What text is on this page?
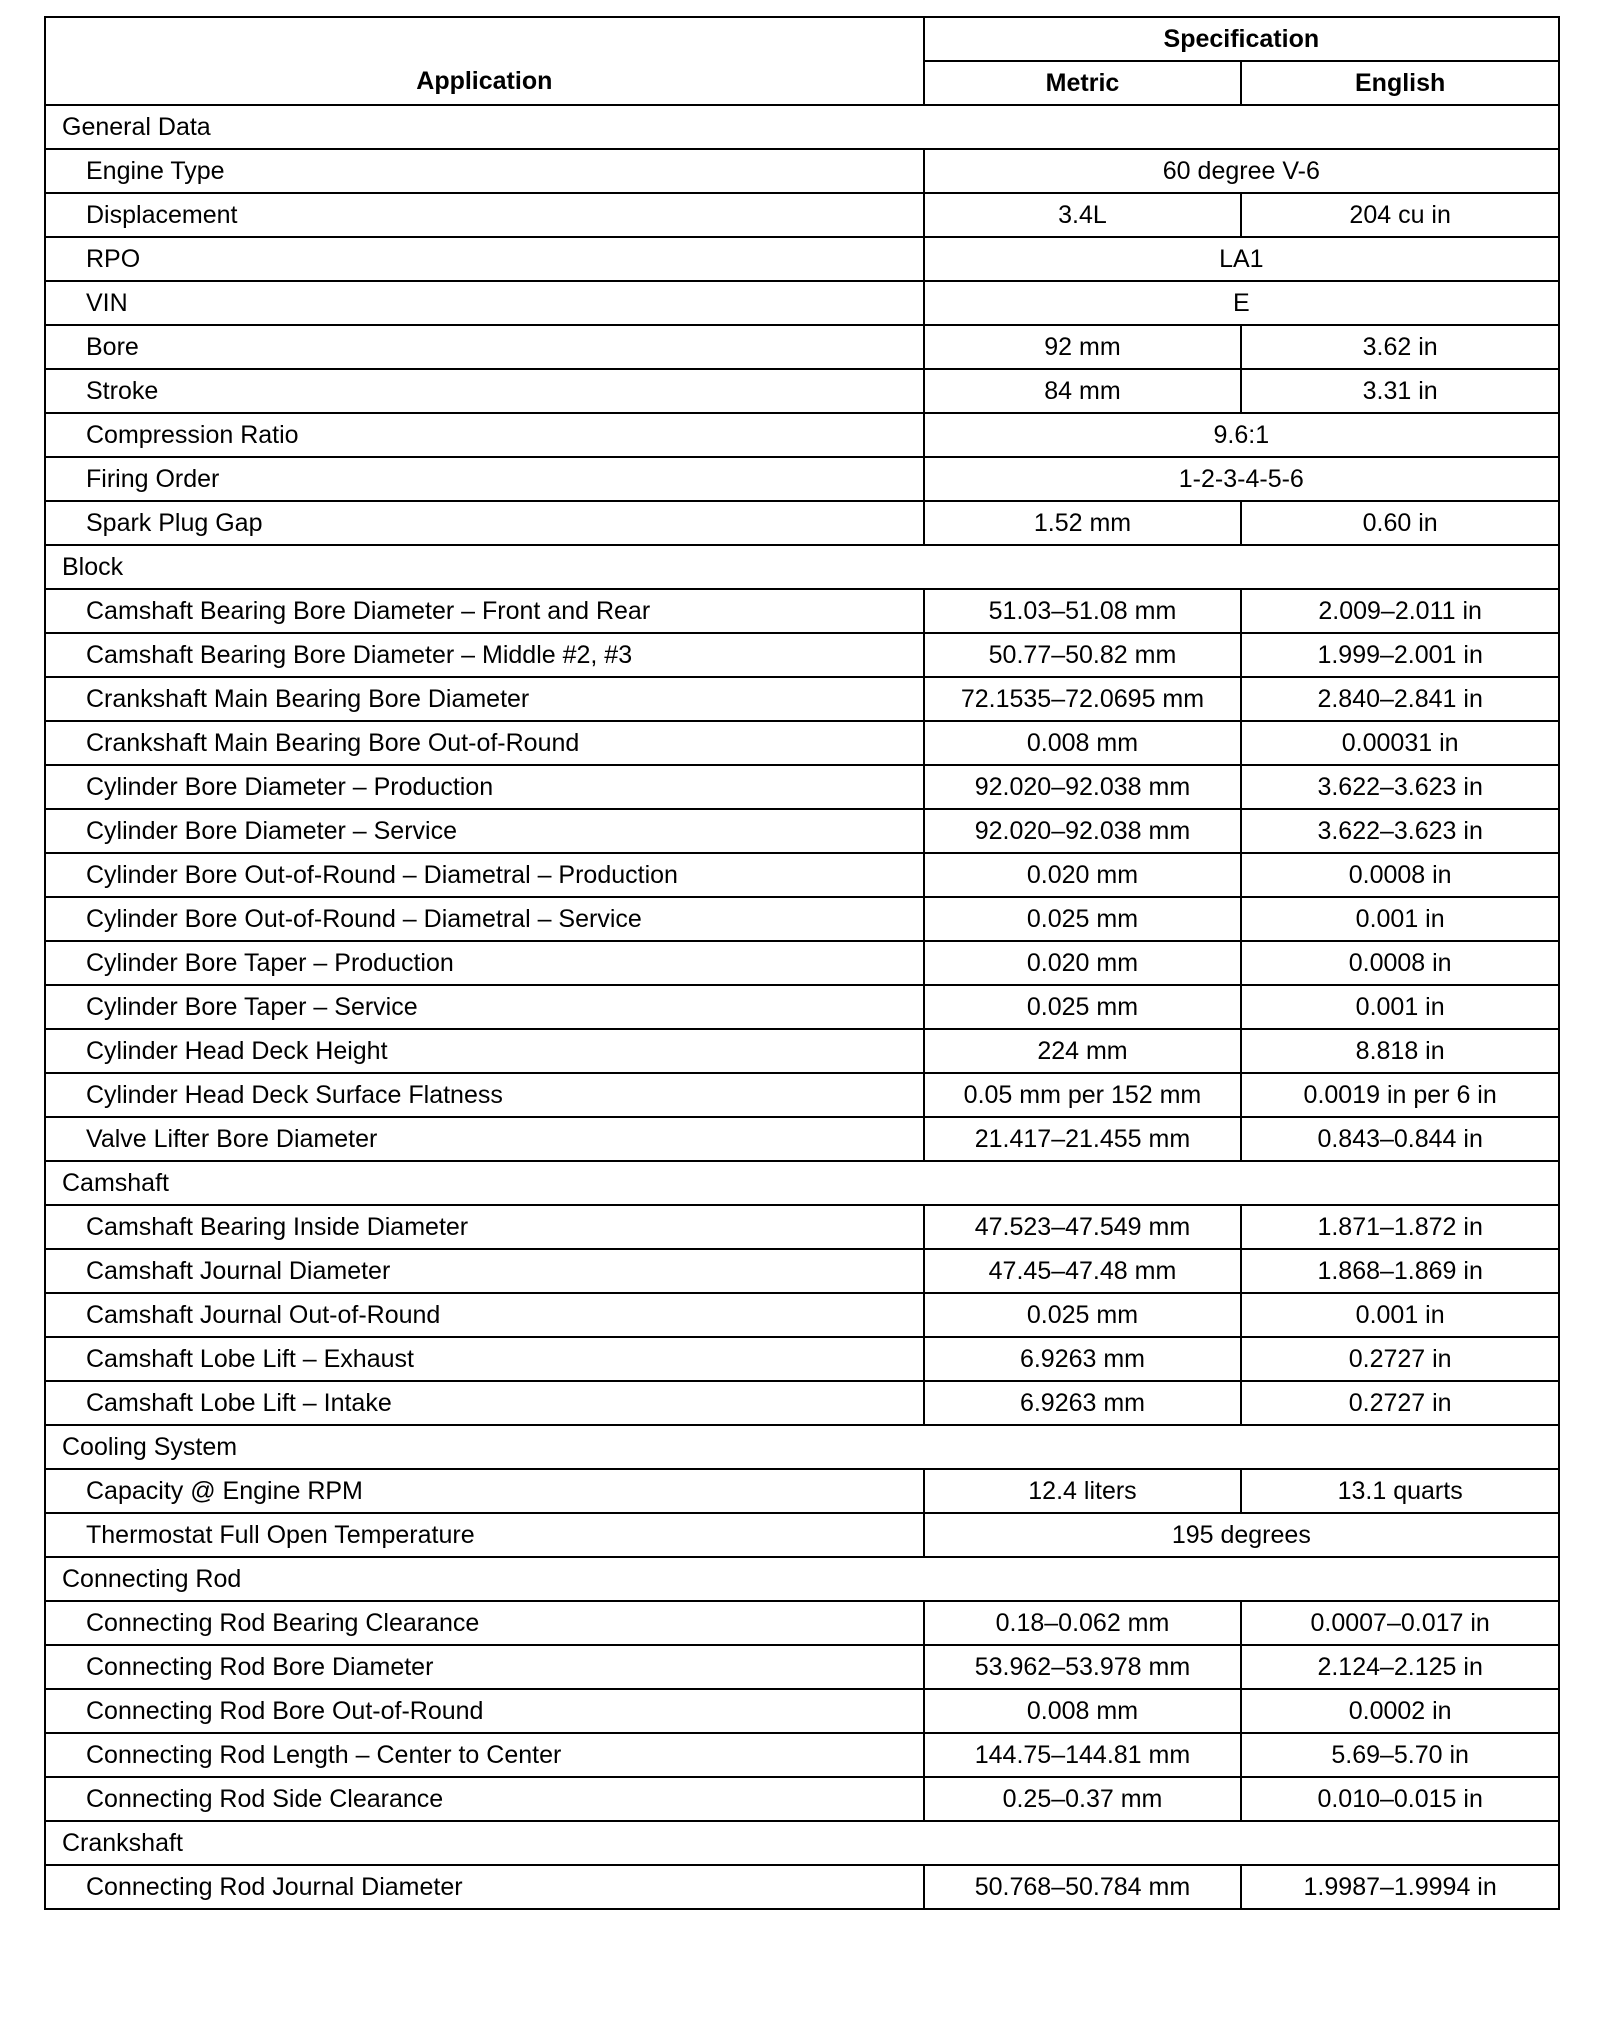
Application	Specification	
	Metric	English
General Data		
Engine Type	60 degree V-6	
Displacement	3.4L	204 cu in
RPO	LA1	
VIN	E	
Bore	92 mm	3.62 in
Stroke	84 mm	3.31 in
Compression Ratio	9.6:1	
Firing Order	1-2-3-4-5-6	
Spark Plug Gap	1.52 mm	0.60 in
Block		
Camshaft Bearing Bore Diameter – Front and Rear	51.03–51.08 mm	2.009–2.011 in
Camshaft Bearing Bore Diameter – Middle #2, #3	50.77–50.82 mm	1.999–2.001 in
Crankshaft Main Bearing Bore Diameter	72.1535–72.0695 mm	2.840–2.841 in
Crankshaft Main Bearing Bore Out-of-Round	0.008 mm	0.00031 in
Cylinder Bore Diameter – Production	92.020–92.038 mm	3.622–3.623 in
Cylinder Bore Diameter – Service	92.020–92.038 mm	3.622–3.623 in
Cylinder Bore Out-of-Round – Diametral – Production	0.020 mm	0.0008 in
Cylinder Bore Out-of-Round – Diametral – Service	0.025 mm	0.001 in
Cylinder Bore Taper – Production	0.020 mm	0.0008 in
Cylinder Bore Taper – Service	0.025 mm	0.001 in
Cylinder Head Deck Height	224 mm	8.818 in
Cylinder Head Deck Surface Flatness	0.05 mm per 152 mm	0.0019 in per 6 in
Valve Lifter Bore Diameter	21.417–21.455 mm	0.843–0.844 in
Camshaft		
Camshaft Bearing Inside Diameter	47.523–47.549 mm	1.871–1.872 in
Camshaft Journal Diameter	47.45–47.48 mm	1.868–1.869 in
Camshaft Journal Out-of-Round	0.025 mm	0.001 in
Camshaft Lobe Lift – Exhaust	6.9263 mm	0.2727 in
Camshaft Lobe Lift – Intake	6.9263 mm	0.2727 in
Cooling System		
Capacity @ Engine RPM	12.4 liters	13.1 quarts
Thermostat Full Open Temperature	195 degrees	
Connecting Rod		
Connecting Rod Bearing Clearance	0.18–0.062 mm	0.0007–0.017 in
Connecting Rod Bore Diameter	53.962–53.978 mm	2.124–2.125 in
Connecting Rod Bore Out-of-Round	0.008 mm	0.0002 in
Connecting Rod Length – Center to Center	144.75–144.81 mm	5.69–5.70 in
Connecting Rod Side Clearance	0.25–0.37 mm	0.010–0.015 in
Crankshaft		
Connecting Rod Journal Diameter	50.768–50.784 mm	1.9987–1.9994 in
